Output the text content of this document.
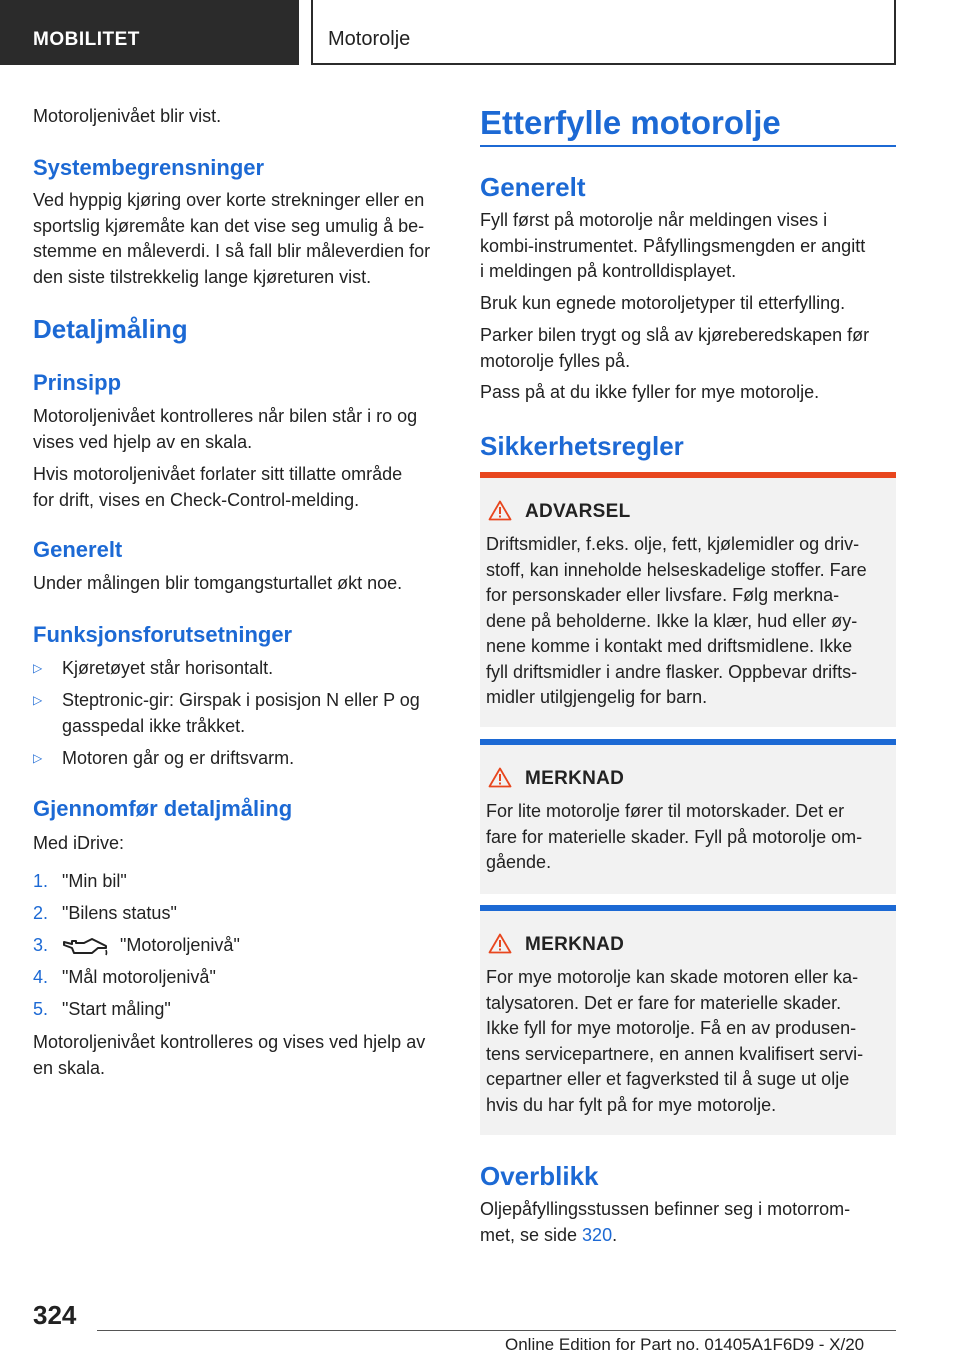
MOBILITET	Motorolje
Motoroljenivået blir vist.
Systembegrensninger
Ved hyppig kjøring over korte strekninger eller en
sportslig kjøremåte kan det vise seg umulig å be-
stemme en måleverdi. I så fall blir måleverdien for
den siste tilstrekkelig lange kjøreturen vist.
Detaljmåling
Prinsipp
Motoroljenivået kontrolleres når bilen står i ro og
vises ved hjelp av en skala.
Hvis motoroljenivået forlater sitt tillatte område
for drift, vises en Check-Control-melding.
Generelt
Under målingen blir tomgangsturtallet økt noe.
Funksjonsforutsetninger
▷ Kjøretøyet står horisontalt.
▷ Steptronic-gir: Girspak i posisjon N eller P og
gasspedal ikke tråkket.
▷ Motoren går og er driftsvarm.
Gjennomfør detaljmåling
Med iDrive:
1. "Min bil"
2. "Bilens status"
3.	"Motoroljenivå"
4. "Mål motoroljenivå"
5. "Start måling"
Motoroljenivået kontrolleres og vises ved hjelp av
en skala.
Etterfylle motorolje
Generelt
Fyll først på motorolje når meldingen vises i
kombi-instrumentet. Påfyllingsmengden er angitt
i meldingen på kontrolldisplayet.
Bruk kun egnede motoroljetyper til etterfylling.
Parker bilen trygt og slå av kjøreberedskapen før
motorolje fylles på.
Pass på at du ikke fyller for mye motorolje.
Sikkerhetsregler
ADVARSEL
Driftsmidler, f.eks. olje, fett, kjølemidler og driv-
stoff, kan inneholde helseskadelige stoffer. Fare
for personskader eller livsfare. Følg merkna-
dene på beholderne. Ikke la klær, hud eller øy-
nene komme i kontakt med driftsmidlene. Ikke
fyll driftsmidler i andre flasker. Oppbevar drifts-
midler utilgjengelig for barn.
MERKNAD
For lite motorolje fører til motorskader. Det er
fare for materielle skader. Fyll på motorolje om-
gående.
MERKNAD
For mye motorolje kan skade motoren eller ka-
talysatoren. Det er fare for materielle skader.
Ikke fyll for mye motorolje. Få en av produsen-
tens servicepartnere, en annen kvalifisert servi-
cepartner eller et fagverksted til å suge ut olje
hvis du har fylt på for mye motorolje.
Overblikk
Oljepåfyllingsstussen befinner seg i motorrom-
met, se side 320.
324
Online Edition for Part no. 01405A1F6D9 - X/20
